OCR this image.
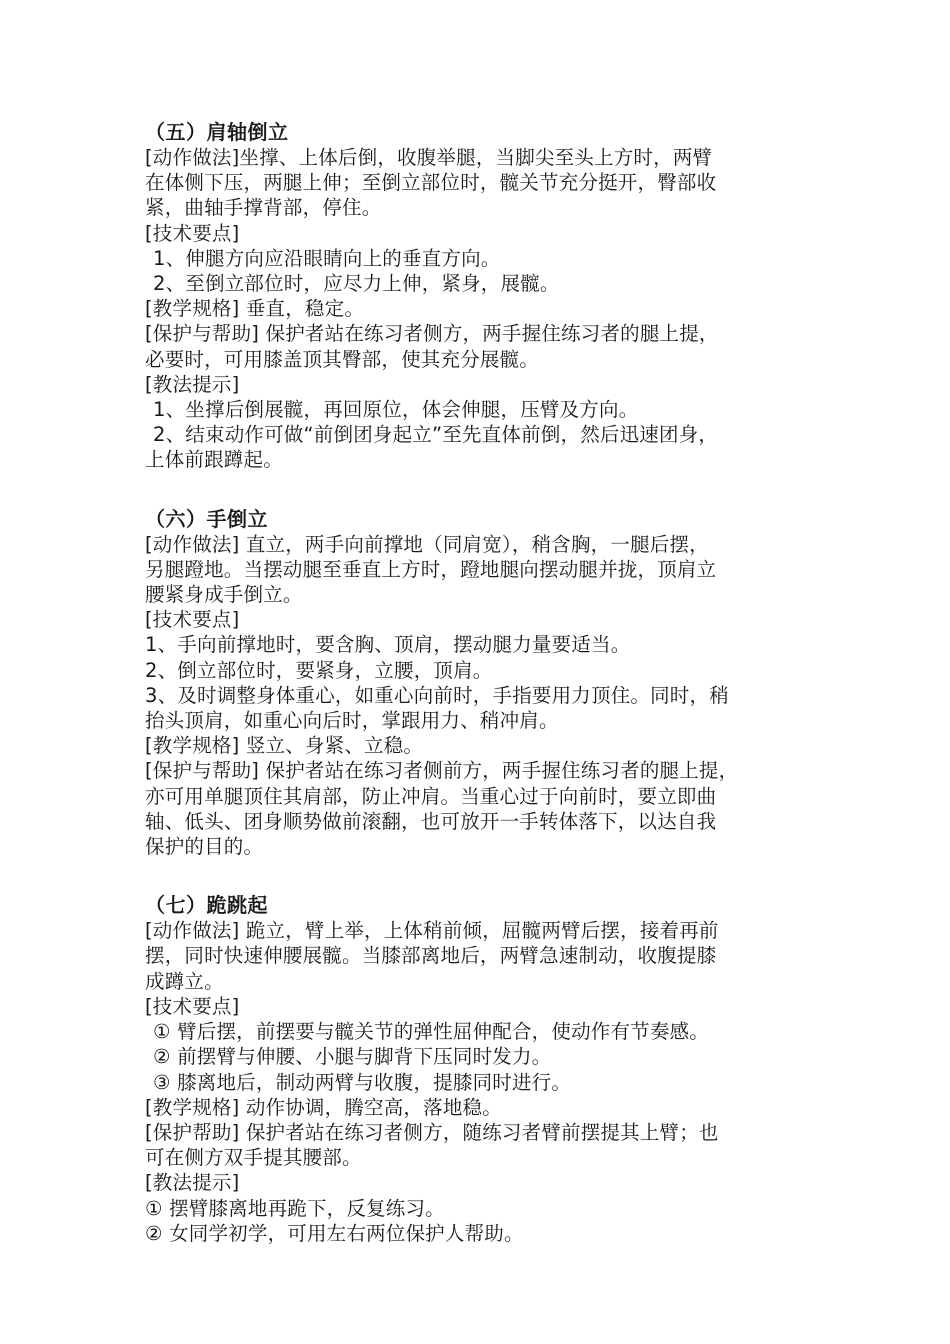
（五）肩轴倒立

[动作做法]坐撑、上体后倒，收腹举腿，当脚尖至头上方时，两臂

在体侧下压，两腿上伸；至倒立部位时，髋关节充分挺开，臀部收

紧，曲轴手撑背部，停住。

[技术要点]

1、伸腿方向应沿眼睛向上的垂直方向。

2、至倒立部位时，应尽力上伸，紧身，展髋。

[教学规格] 垂直，稳定。

[保护与帮助] 保护者站在练习者侧方，两手握住练习者的腿上提，

必要时，可用膝盖顶其臀部，使其充分展髋。

[教法提示]

1、坐撑后倒展髋，再回原位，体会伸腿，压臂及方向。

2、结束动作可做“前倒团身起立”至先直体前倒，然后迅速团身，

上体前跟蹲起。

（六）手倒立

[动作做法] 直立，两手向前撑地（同肩宽），稍含胸，一腿后摆，

另腿蹬地。当摆动腿至垂直上方时，蹬地腿向摆动腿并拢，顶肩立

腰紧身成手倒立。

[技术要点]

1、手向前撑地时，要含胸、顶肩，摆动腿力量要适当。

2、倒立部位时，要紧身，立腰，顶肩。

3、及时调整身体重心，如重心向前时，手指要用力顶住。同时，稍

抬头顶肩，如重心向后时，掌跟用力、稍冲肩。

[教学规格] 竖立、身紧、立稳。

[保护与帮助] 保护者站在练习者侧前方，两手握住练习者的腿上提，

亦可用单腿顶住其肩部，防止冲肩。当重心过于向前时，要立即曲

轴、低头、团身顺势做前滚翻，也可放开一手转体落下，以达自我

保护的目的。

（七）跪跳起

[动作做法] 跪立，臂上举，上体稍前倾，屈髋两臂后摆，接着再前

摆，同时快速伸腰展髋。当膝部离地后，两臂急速制动，收腹提膝

成蹲立。

[技术要点]

① 臂后摆，前摆要与髋关节的弹性屈伸配合，使动作有节奏感。

② 前摆臂与伸腰、小腿与脚背下压同时发力。

③ 膝离地后，制动两臂与收腹，提膝同时进行。

[教学规格] 动作协调，腾空高，落地稳。

[保护帮助] 保护者站在练习者侧方，随练习者臂前摆提其上臂；也

可在侧方双手提其腰部。

[教法提示]

① 摆臂膝离地再跪下，反复练习。

② 女同学初学，可用左右两位保护人帮助。
